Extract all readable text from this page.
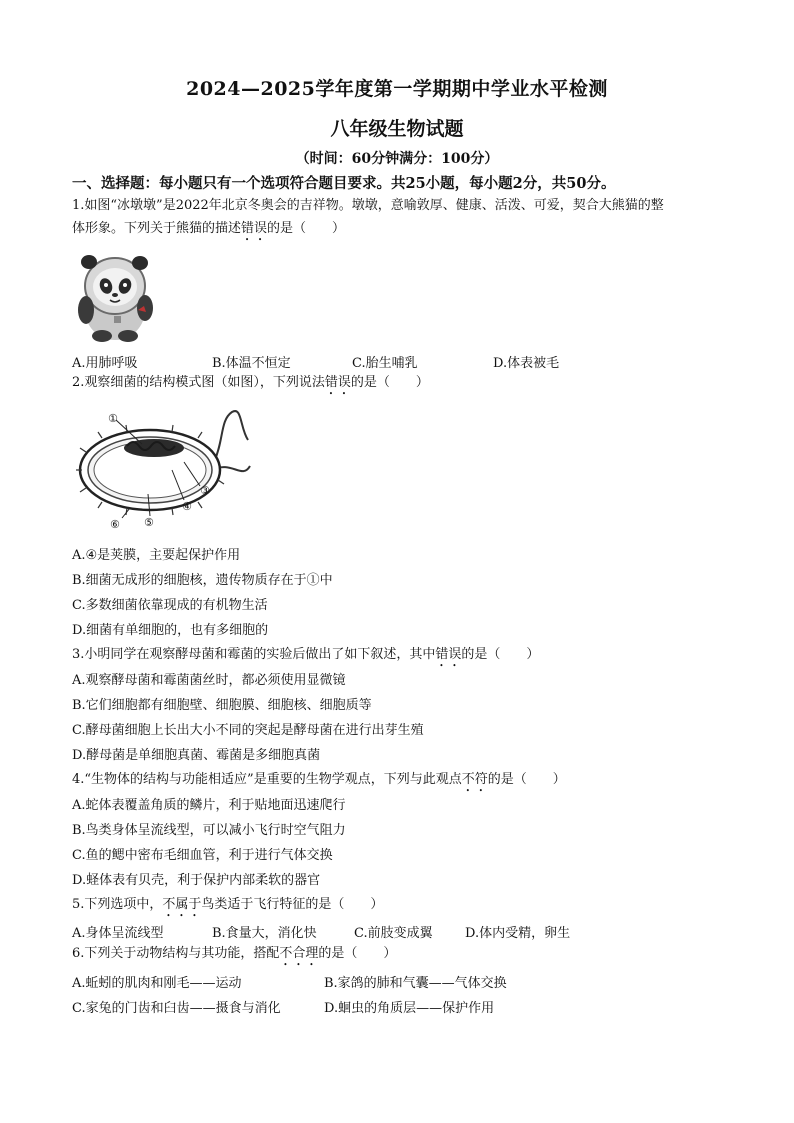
2024—2025学年度第一学期期中学业水平检测
八年级生物试题
（时间：60分钟满分：100分）
一、选择题：每小题只有一个选项符合题目要求。共25小题，每小题2分，共50分。
1.如图“冰墩墩”是2022年北京冬奥会的吉祥物。墩墩，意喻敦厚、健康、活泼、可爱，契合大熊猫的整
体形象。下列关于熊猫的描述错误的是（　　）
A.用肺呼吸	B.体温不恒定	C.胎生哺乳	D.体表被毛
2.观察细菌的结构模式图（如图），下列说法错误的是（　　）
①
③
④
⑤
⑥
A.④是荚膜，主要起保护作用
B.细菌无成形的细胞核，遗传物质存在于①中
C.多数细菌依靠现成的有机物生活
D.细菌有单细胞的，也有多细胞的
3.小明同学在观察酵母菌和霉菌的实验后做出了如下叙述，其中错误的是（　　）
A.观察酵母菌和霉菌菌丝时，都必须使用显微镜
B.它们细胞都有细胞壁、细胞膜、细胞核、细胞质等
C.酵母菌细胞上长出大小不同的突起是酵母菌在进行出芽生殖
D.酵母菌是单细胞真菌、霉菌是多细胞真菌
4.“生物体的结构与功能相适应”是重要的生物学观点，下列与此观点不符的是（　　）
A.蛇体表覆盖角质的鳞片，利于贴地面迅速爬行
B.鸟类身体呈流线型，可以减小飞行时空气阻力
C.鱼的鳃中密布毛细血管，利于进行气体交换
D.蛏体表有贝壳，利于保护内部柔软的器官
5.下列选项中，不属于鸟类适于飞行特征的是（　　）
A.身体呈流线型	B.食量大，消化快	C.前肢变成翼 D.体内受精，卵生
6.下列关于动物结构与其功能，搭配不合理的是（　　）
A.蚯蚓的肌肉和刚毛——运动	B.家鸽的肺和气囊——气体交换
C.家兔的门齿和臼齿——摄食与消化	D.蛔虫的角质层——保护作用
